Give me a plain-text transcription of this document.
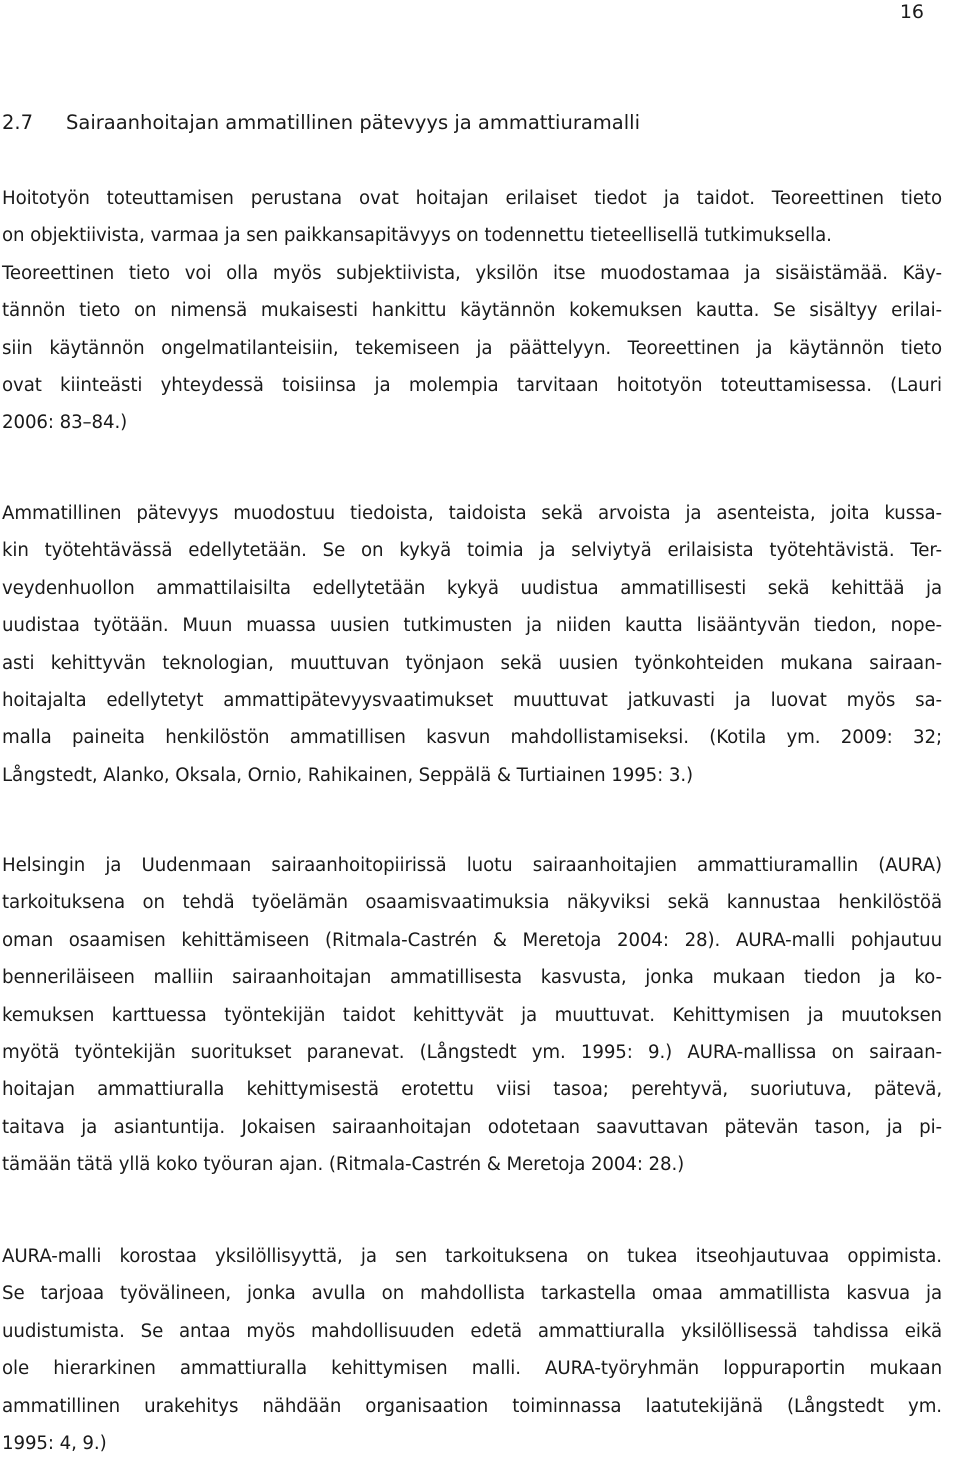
16
2.7 Sairaanhoitajan ammatillinen pätevyys ja ammattiuramalli
Hoitotyön toteuttamisen perustana ovat hoitajan erilaiset tiedot ja taidot. Teoreettinen tieto
on objektiivista, varmaa ja sen paikkansapitävyys on todennettu tieteellisellä tutkimuksella.
Teoreettinen tieto voi olla myös subjektiivista, yksilön itse muodostamaa ja sisäistämää. Käy-
tännön tieto on nimensä mukaisesti hankittu käytännön kokemuksen kautta. Se sisältyy erilai-
siin käytännön ongelmatilanteisiin, tekemiseen ja päättelyyn. Teoreettinen ja käytännön tieto
ovat kiinteästi yhteydessä toisiinsa ja molempia tarvitaan hoitotyön toteuttamisessa. (Lauri
2006: 83–84.)
Ammatillinen pätevyys muodostuu tiedoista, taidoista sekä arvoista ja asenteista, joita kussa-
kin työtehtävässä edellytetään. Se on kykyä toimia ja selviytyä erilaisista työtehtävistä. Ter-
veydenhuollon ammattilaisilta edellytetään kykyä uudistua ammatillisesti sekä kehittää ja
uudistaa työtään. Muun muassa uusien tutkimusten ja niiden kautta lisääntyvän tiedon, nope-
asti kehittyvän teknologian, muuttuvan työnjaon sekä uusien työnkohteiden mukana sairaan-
hoitajalta edellytetyt ammattipätevyysvaatimukset muuttuvat jatkuvasti ja luovat myös sa-
malla paineita henkilöstön ammatillisen kasvun mahdollistamiseksi. (Kotila ym. 2009: 32;
Långstedt, Alanko, Oksala, Ornio, Rahikainen, Seppälä & Turtiainen 1995: 3.)
Helsingin ja Uudenmaan sairaanhoitopiirissä luotu sairaanhoitajien ammattiuramallin (AURA)
tarkoituksena on tehdä työelämän osaamisvaatimuksia näkyviksi sekä kannustaa henkilöstöä
oman osaamisen kehittämiseen (Ritmala-Castrén & Meretoja 2004: 28). AURA-malli pohjautuu
benneriläiseen malliin sairaanhoitajan ammatillisesta kasvusta, jonka mukaan tiedon ja ko-
kemuksen karttuessa työntekijän taidot kehittyvät ja muuttuvat. Kehittymisen ja muutoksen
myötä työntekijän suoritukset paranevat. (Långstedt ym. 1995: 9.) AURA-mallissa on sairaan-
hoitajan ammattiuralla kehittymisestä erotettu viisi tasoa; perehtyvä, suoriutuva, pätevä,
taitava ja asiantuntija. Jokaisen sairaanhoitajan odotetaan saavuttavan pätevän tason, ja pi-
tämään tätä yllä koko työuran ajan. (Ritmala-Castrén & Meretoja 2004: 28.)
AURA-malli korostaa yksilöllisyyttä, ja sen tarkoituksena on tukea itseohjautuvaa oppimista.
Se tarjoaa työvälineen, jonka avulla on mahdollista tarkastella omaa ammatillista kasvua ja
uudistumista. Se antaa myös mahdollisuuden edetä ammattiuralla yksilöllisessä tahdissa eikä
ole hierarkinen ammattiuralla kehittymisen malli. AURA-työryhmän loppuraportin mukaan
ammatillinen urakehitys nähdään organisaation toiminnassa laatutekijänä (Långstedt ym.
1995: 4, 9.)
